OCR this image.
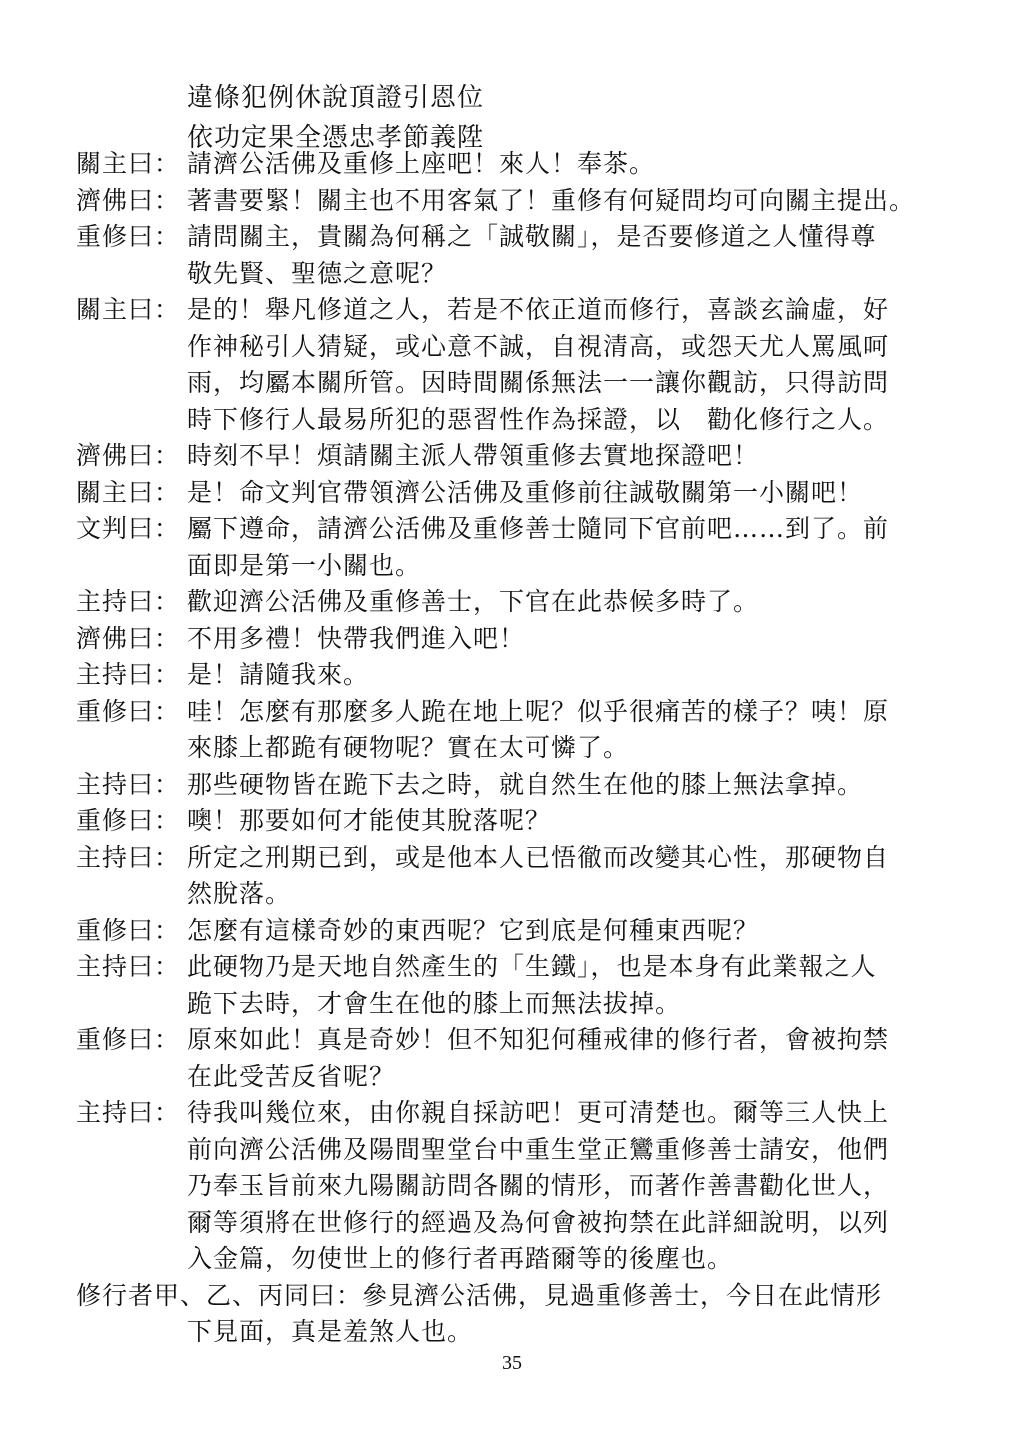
違條犯例休說頂證引恩位
依功定果全憑忠孝節義陞
關主曰： 請濟公活佛及重修上座吧！來人！奉茶。
濟佛曰： 著書要緊！關主也不用客氣了！重修有何疑問均可向關主提出。
重修曰： 請問關主，貴關為何稱之「誠敬關」，是否要修道之人懂得尊
敬先賢、聖德之意呢？
關主曰： 是的！舉凡修道之人，若是不依正道而修行，喜談玄論虛，好
作神秘引人猜疑，或心意不誠，自視清高，或怨天尤人罵風呵
雨，均屬本關所管。因時間關係無法一一讓你觀訪，只得訪問
時下修行人最易所犯的惡習性作為採證，以　勸化修行之人。
濟佛曰： 時刻不早！煩請關主派人帶領重修去實地探證吧！
關主曰： 是！命文判官帶領濟公活佛及重修前往誠敬關第一小關吧！
文判曰： 屬下遵命，請濟公活佛及重修善士隨同下官前吧……到了。前
面即是第一小關也。
主持曰： 歡迎濟公活佛及重修善士，下官在此恭候多時了。
濟佛曰： 不用多禮！快帶我們進入吧！
主持曰： 是！請隨我來。
重修曰： 哇！怎麼有那麼多人跪在地上呢？似乎很痛苦的樣子？咦！原
來膝上都跪有硬物呢？實在太可憐了。
主持曰： 那些硬物皆在跪下去之時，就自然生在他的膝上無法拿掉。
重修曰： 噢！那要如何才能使其脫落呢？
主持曰： 所定之刑期已到，或是他本人已悟徹而改變其心性，那硬物自
然脫落。
重修曰： 怎麼有這樣奇妙的東西呢？它到底是何種東西呢？
主持曰： 此硬物乃是天地自然產生的「生鐵」，也是本身有此業報之人
跪下去時，才會生在他的膝上而無法拔掉。
重修曰： 原來如此！真是奇妙！但不知犯何種戒律的修行者，會被拘禁
在此受苦反省呢？
主持曰： 待我叫幾位來，由你親自採訪吧！更可清楚也。爾等三人快上
前向濟公活佛及陽間聖堂台中重生堂正鸞重修善士請安，他們
乃奉玉旨前來九陽關訪問各關的情形，而著作善書勸化世人，
爾等須將在世修行的經過及為何會被拘禁在此詳細說明，以列
入金篇，勿使世上的修行者再踏爾等的後塵也。
修行者甲、乙、丙同曰：參見濟公活佛，見過重修善士，今日在此情形
下見面，真是羞煞人也。
35
